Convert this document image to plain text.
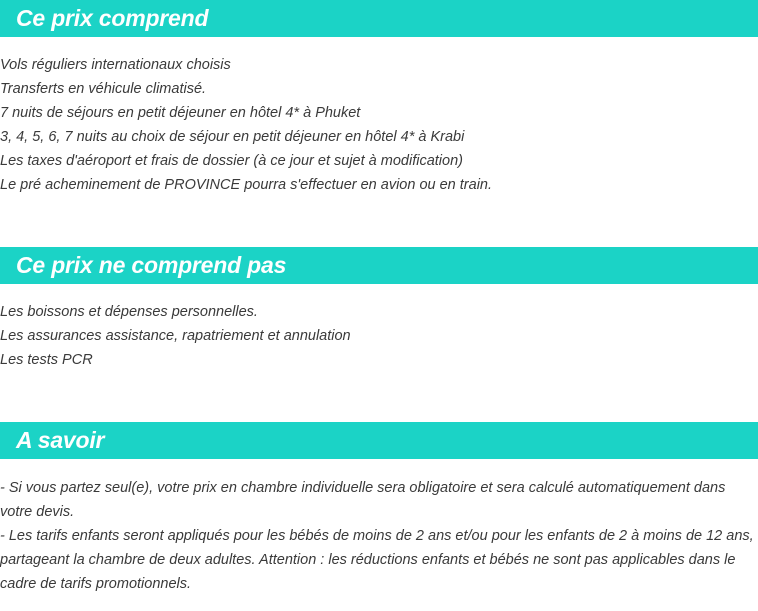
Ce prix comprend
Vols réguliers internationaux choisis
Transferts en véhicule climatisé.
7 nuits de séjours en petit déjeuner en hôtel 4* à Phuket
3, 4, 5, 6, 7 nuits au choix de séjour en petit déjeuner en hôtel 4* à Krabi
Les taxes d'aéroport et frais de dossier (à ce jour et sujet à modification)
Le pré acheminement de PROVINCE pourra s'effectuer en avion ou en train.
Ce prix ne comprend pas
Les boissons et dépenses personnelles.
Les assurances assistance, rapatriement et annulation
Les tests PCR
A savoir

- Si vous partez seul(e), votre prix en chambre individuelle sera obligatoire et sera calculé automatiquement dans votre devis.

- Les tarifs enfants seront appliqués pour les bébés de moins de 2 ans et/ou pour les enfants de 2 à moins de 12 ans, partageant la chambre de deux adultes. Attention : les réductions enfants et bébés ne sont pas applicables dans le cadre de tarifs promotionnels.
